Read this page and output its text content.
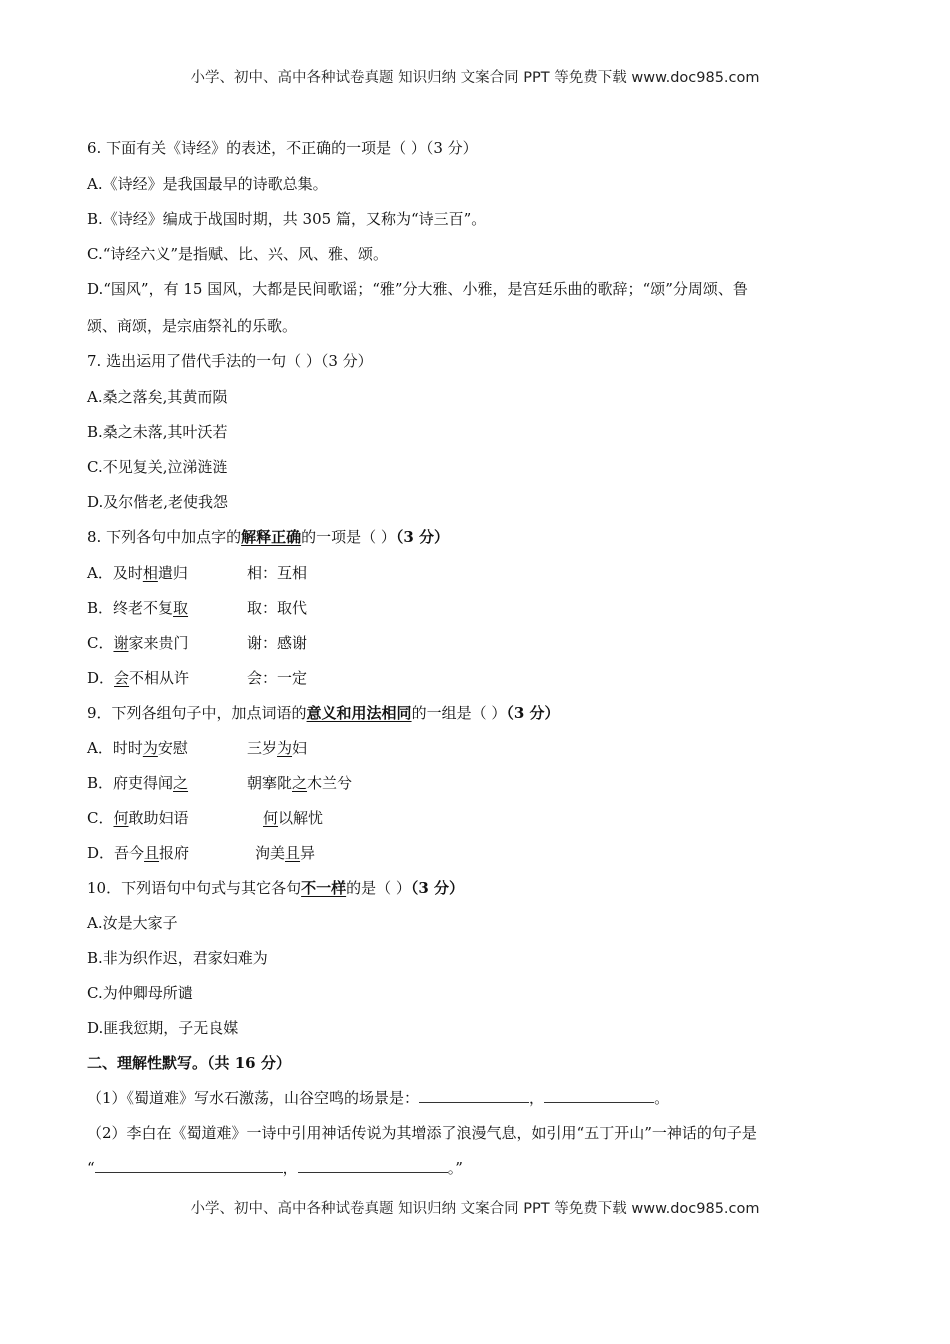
小学、初中、高中各种试卷真题 知识归纳 文案合同 PPT 等免费下载 www.doc985.com
6. 下面有关《诗经》的表述，不正确的一项是（ ）（3 分）
A.《诗经》是我国最早的诗歌总集。
B.《诗经》编成于战国时期，共 305 篇，又称为“诗三百”。
C.“诗经六义”是指赋、比、兴、风、雅、颂。
D.“国风”，有 15 国风，大都是民间歌谣；“雅”分大雅、小雅，是宫廷乐曲的歌辞；“颂”分周颂、鲁
颂、商颂，是宗庙祭礼的乐歌。
7. 选出运用了借代手法的一句（ ）（3 分）
A.桑之落矣,其黄而陨
B.桑之未落,其叶沃若
C.不见复关,泣涕涟涟
D.及尔偕老,老使我怨
8. 下列各句中加点字的解释正确的一项是（ ）（3 分）
A．及时相遣归	相：互相
B．终老不复取	取：取代
C．谢家来贵门	谢：感谢
D．会不相从许	会：一定
9．下列各组句子中，加点词语的意义和用法相同的一组是（ ）（3 分）
A．时时为安慰	三岁为妇
B．府吏得闻之	朝搴阰之木兰兮
C．何敢助妇语	何以解忧
D．吾今且报府	洵美且异
10．下列语句中句式与其它各句不一样的是（ ）（3 分）
A.汝是大家子
B.非为织作迟，君家妇难为
C.为仲卿母所谴
D.匪我愆期，子无良媒
二、理解性默写。（共 16 分）
（1）《蜀道难》写水石激荡，山谷空鸣的场景是：	，	。
（2）李白在《蜀道难》一诗中引用神话传说为其增添了浪漫气息，如引用“五丁开山”一神话的句子是
“	，	。”
小学、初中、高中各种试卷真题 知识归纳 文案合同 PPT 等免费下载 www.doc985.com
